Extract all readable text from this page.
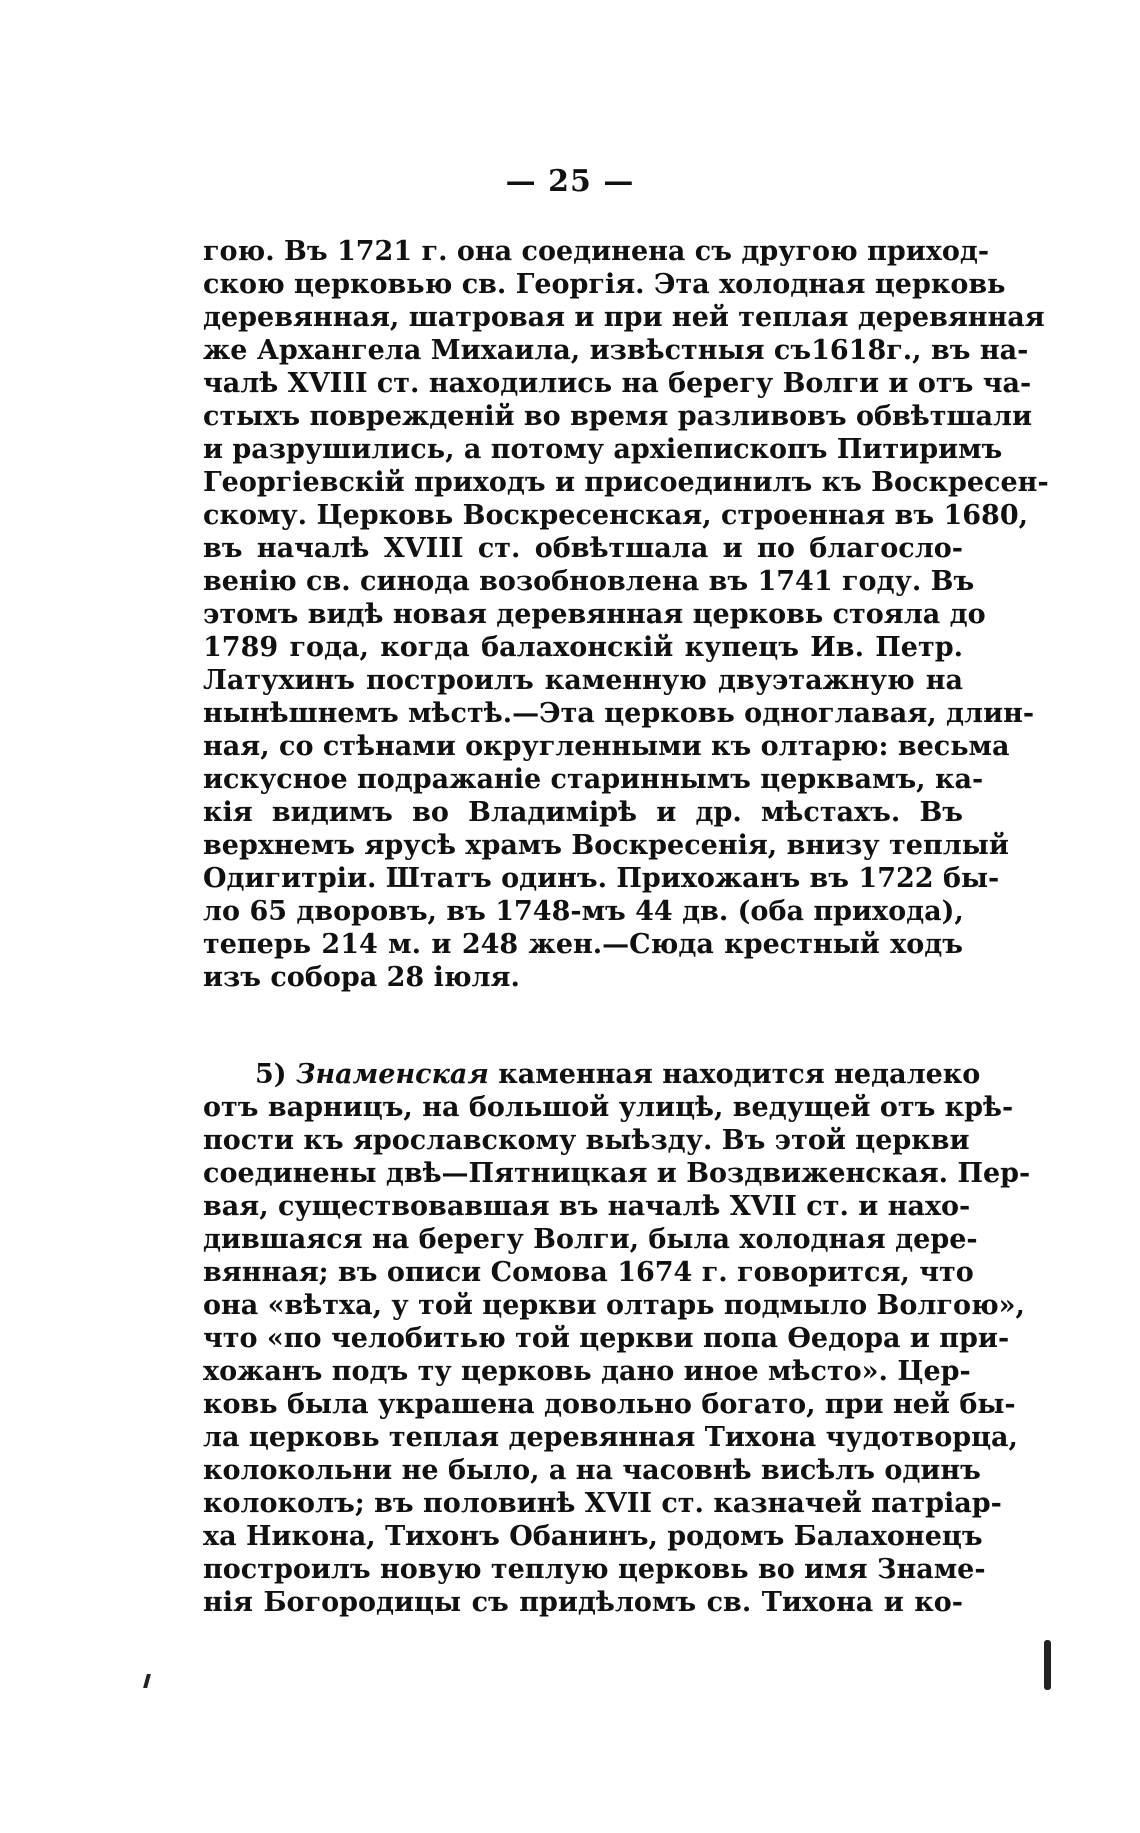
— 25 —
гою. Въ 1721 г. она соединена съ другою приход-
скою церковью св. Георгія. Эта холодная церковь
деревянная, шатровая и при ней теплая деревянная
же Архангела Михаила, извѣстныя съ1618г., въ на-
чалѣ XVIII ст. находились на берегу Волги и отъ ча-
стыхъ поврежденій во время разливовъ обвѣтшали
и разрушились, а потому архіепископъ Питиримъ
Георгіевскій приходъ и присоединилъ къ Воскресен-
скому. Церковь Воскресенская, строенная въ 1680,
въ началѣ XVIII ст. обвѣтшала и по благосло-
венію св. синода возобновлена въ 1741 году. Въ
этомъ видѣ новая деревянная церковь стояла до
1789 года, когда балахонскій купецъ Ив. Петр.
Латухинъ построилъ каменную двуэтажную на
нынѣшнемъ мѣстѣ.—Эта церковь одноглавая, длин-
ная, со стѣнами округленными къ олтарю: весьма
искусное подражаніе стариннымъ церквамъ, ка-
кія видимъ во Владимірѣ и др. мѣстахъ. Въ
верхнемъ ярусѣ храмъ Воскресенія, внизу теплый
Одигитріи. Штатъ одинъ. Прихожанъ въ 1722 бы-
ло 65 дворовъ, въ 1748-мъ 44 дв. (оба прихода),
теперь 214 м. и 248 жен.—Сюда крестный ходъ
изъ собора 28 іюля.
5) Знаменская каменная находится недалеко
отъ варницъ, на большой улицѣ, ведущей отъ крѣ-
пости къ ярославскому выѣзду. Въ этой церкви
соединены двѣ—Пятницкая и Воздвиженская. Пер-
вая, существовавшая въ началѣ XVII ст. и нахо-
дившаяся на берегу Волги, была холодная дере-
вянная; въ описи Сомова 1674 г. говорится, что
она «вѣтха, у той церкви олтарь подмыло Волгою»,
что «по челобитью той церкви попа Өедора и при-
хожанъ подъ ту церковь дано иное мѣсто». Цер-
ковь была украшена довольно богато, при ней бы-
ла церковь теплая деревянная Тихона чудотворца,
колокольни не было, а на часовнѣ висѣлъ одинъ
колоколъ; въ половинѣ XVII ст. казначей патріар-
ха Никона, Тихонъ Обанинъ, родомъ Балахонецъ
построилъ новую теплую церковь во имя Знаме-
нія Богородицы съ придѣломъ св. Тихона и ко-
